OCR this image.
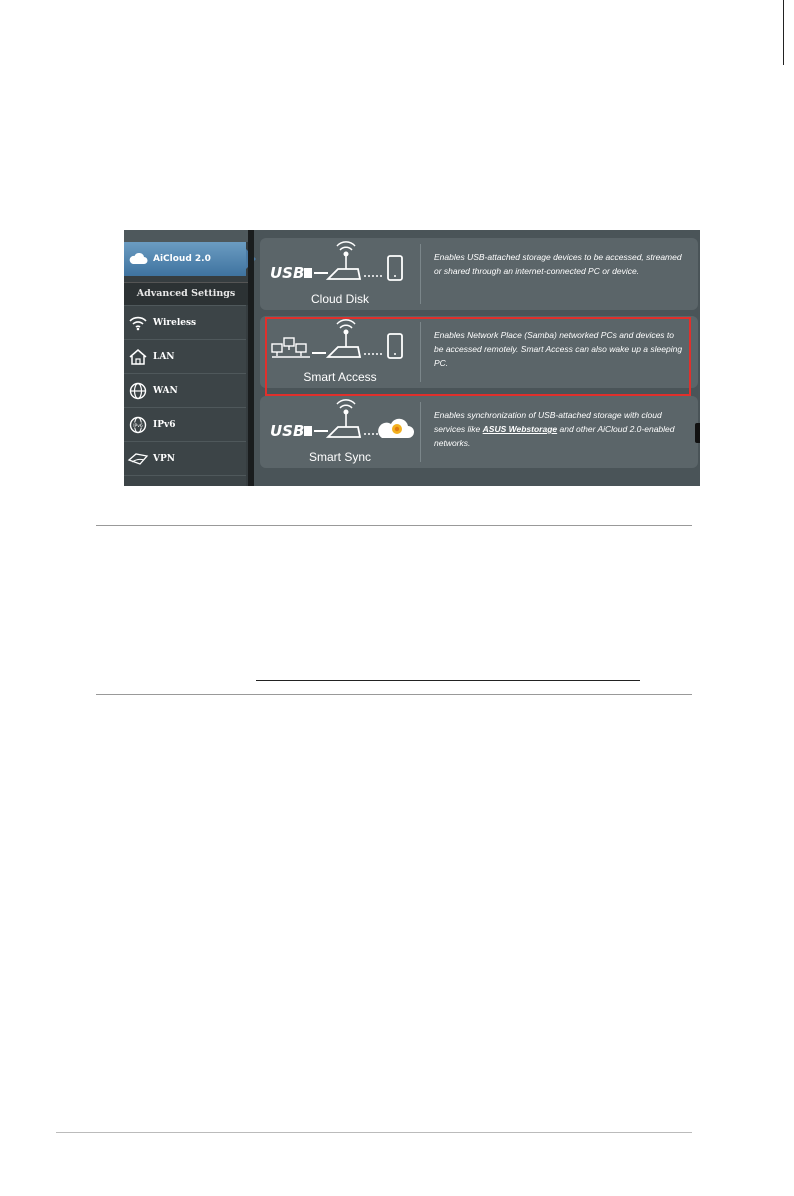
AiCloud 2.0
Advanced Settings
Wireless
LAN
WAN
IPv6 IPv6
VPN
USB
Cloud Disk
Enables USB-attached storage devices to be accessed, streamed or shared through an internet-connected PC or device.
Smart Access
Enables Network Place (Samba) networked PCs and devices to be accessed remotely. Smart Access can also wake up a sleeping PC.
USB
Smart Sync
Enables synchronization of USB-attached storage with cloud services like ASUS Webstorage and other AiCloud 2.0-enabled networks.
